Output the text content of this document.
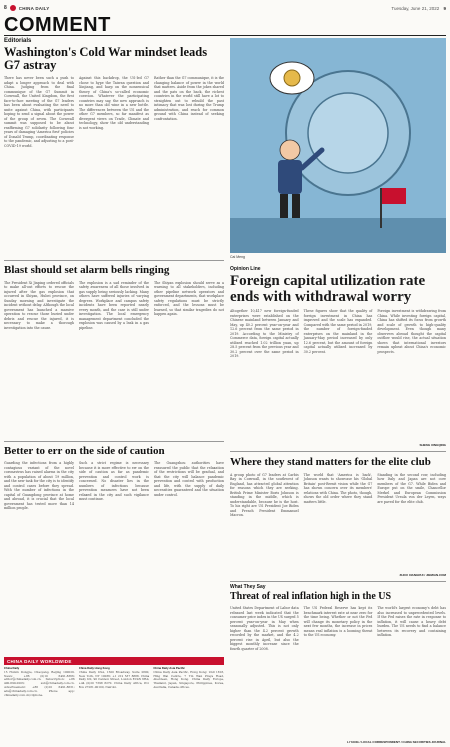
8	CHINA DAILY	Tuesday, June 21, 2022 9
COMMENT
Editorials
Washington's Cold War mindset leads G7 astray
There has never been such a push to adapt a longer approach to deal with China. Judging from the final communique of the G7 Summit in Cornwall, the United Kingdom, the first face-to-face meeting of the G7 leaders has been about evaluating the need to unite against China, with participants hoping to send a signal about the power of the group of seven. The Cornwall summit was supposed to be about reaffirming G7 solidarity following four years of damaging 'America first' policies of Donald Trump, coordinating response to the pandemic, and adjusting to a post-COVID-19 world.
Against this backdrop, the US-led G7 chose to hype the Taiwan question and Xinjiang, and harp on the nonsensical theory of China's so-called economic coercion. Whatever the participating countries may say, the new approach is no more than old wine in a new bottle. The differences between the US and the other G7 members, so far manifest as divergent views on Trade, Climate and technology, show the old understanding is not working.
Rather than the G7 communique, it is the changing balance of power in the world that matters. Aside from the jokes shared and the pats on the back, the richest countries in the world still have a lot to straighten out to rebuild the past intimacy that was lost during the Trump administration, and reach for common ground with China instead of seeking confrontation.
Blast should set alarm bells ringing
The President Xi Jinping ordered officials to make all-out efforts to rescue the injured after the gas explosion that occurred in Shiyan, Hubei province, on Sunday morning and investigate the incident without delay. Although the local government has launched a massive operation to rescue those buried under debris and rescue the injured, it is necessary to make a thorough investigation into the cause.
The explosion is a sad reminder of the safety awareness of all those involved in gas supply being seriously lacking. Many others have suffered injuries of varying degrees. Workplace and campus safety incidents have been reported nearly every month, and the case is still under investigation. The local emergency management department concluded the explosion was caused by a leak in a gas pipeline.
The Shiyan explosion should serve as a warning to all stakeholders, including other pipeline network operators and government departments, that workplace safety regulations must be strictly enforced, and the lessons must be learned, so that similar tragedies do not happen again.
Better to err on the side of caution
Guarding the infections from a highly contagious variant of the novel coronavirus has raised alarms in the city with a population of about 19 million, and the new task for the city is to identify and control cases before they spread. With the number of infections in the capital of Guangdong province at home and abroad, it is crucial that the local government has tested more than 14 million people.
Such a strict regime is necessary because it is more effective to err on the side of caution as far as pandemic prevention and control work is concerned. No disaster lies in the numbers of infections because prevention measures have not been relaxed in the city and such vigilance must continue.
The Guangzhou authorities have reassured the public that the relaxation of the restrictions will be gradual, and that the city will balance pandemic prevention and control with production and life, with the supply of daily necessities guaranteed and the situation under control.
CHINA DAILY WORLDWIDE
China Daily
15 Huixin Dongjie, Chaoyang, Beijing 100029. News: +86 (0)10 6491-8366; editor@chinadaily.com.cn. Subscription: +86 400-699-0203; sub@chinadaily.com.cn. Advertisement: +86 (0)10 6491-8631; ads@chinadaily.com.cn. Phone app: chinadaily.com.cn/cdphone.
China Daily Hong Kong
China Daily USA, 1500 Broadway, Suite 2800, New York, NY 10036; +1 212 537 8888. China Daily UK, 90 Cannon Street, London EC4N 6HA; +44 (0)20 7398 8270. China Daily Africa, P.O. Box 27281-00100, Nairobi.
China Daily Asia Pacific
China Daily Asia Pacific, Hong Kong: Unit 1818, Hing Wai Centre, 7 Tin Wan Praya Road, Aberdeen, Hong Kong. China Daily Europe, Thailand, Japan, Singapore, Philippines, Korea, Australia, Canada offices.
Cai Meng
Opinion Line
Foreign capital utilization rate ends with withdrawal worry
Altogether 10,417 new foreign-funded enterprises were established on the Chinese mainland between January and May, up 40.2 percent year-on-year and 12.6 percent from the same period in 2019. According to the Ministry of Commerce data, foreign capital actually utilized reached 1.02 trillion yuan, up 28.5 percent from the previous year and 30.2 percent over the same period in 2019.
These figures show that the quality of foreign investment in China has improved and the scale has expanded. Compared with the same period in 2019, the number of foreign-funded enterprises on the mainland in the January-May period increased by only 12.6 percent, but the amount of foreign capital actually utilized increased by 30.2 percent.
Foreign investment is withdrawing from China. While investing foreign capital, China has shifted its focus from growth and scale of growth to high-quality development. Even though many observers abroad thought the capital outflow would rise, the actual situation shows that international investors remain upbeat about China's economic prospects.
SHENG XINGQING
Where they stand matters for the elite club
A group photo of G7 leaders at Carbis Bay in Cornwall, in the southwest of England, has attracted global attention for reasons which they are seeking. British Prime Minister Boris Johnson is standing in the middle, which is understandable, because he is the host. To his right are US President Joe Biden and French President Emmanuel Macron.
The world that 'America is back', Johnson wants to showcase his 'Global Britain' post-Brexit vision while the G7 has shown concern over its members' relations with China. The photo, though, shows the old order where they stand matters little.
Standing in the second row, including how Italy and Japan are not core members of the G7. While Biden and Europe put on the smile, Chancellor Merkel and European Commission President Ursula von der Leyen, ways are paved for the elite club.
ZHOU XIANGRUI / JIEMIAN.COM
What They Say
Threat of real inflation high in the US
United States Department of Labor data released last week indicated that the consumer price index in the US surged 5 percent year-on-year in May when seasonally adjusted. This is not only higher than the 4.2 percent growth recorded by the market, and the 4.2 percent rise in April, but also the biggest monthly increase since the fourth quarter of 2008.
The US Federal Reserve has kept its benchmark interest rate at near zero for the time being. Whether or not the Fed will change its monetary policy in the next few months, the increase in prices means real inflation is a looming threat to the US economy.
The world's largest economy's debt has also increased to unprecedented levels. If the Fed raises the rate in response to inflation, it will cause a heavy debt burden. The US needs to find a balance between its recovery and containing inflation.
LI YANG / LOCAL CORRESPONDENT / CHINA SECURITIES JOURNAL
